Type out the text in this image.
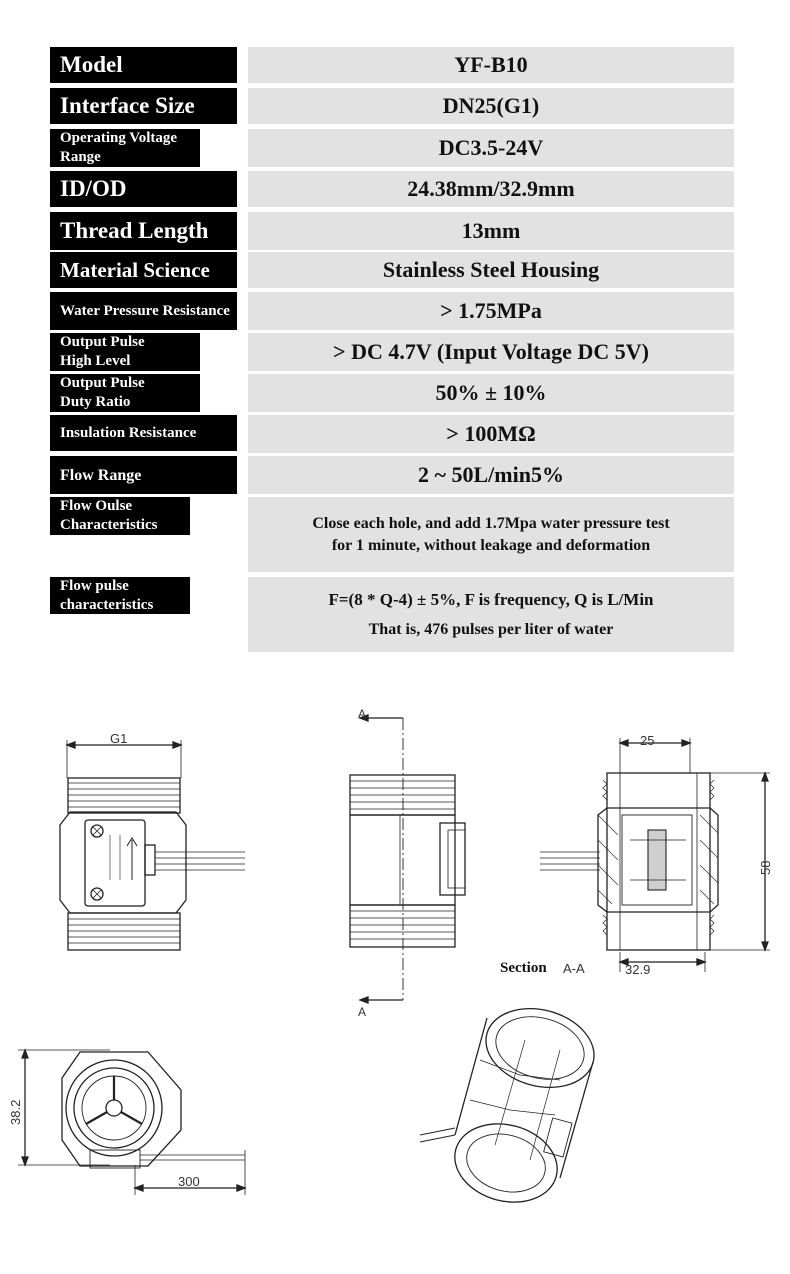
Model	YF-B10
Interface Size	DN25(G1)
Operating Voltage Range	DC3.5-24V
ID/OD	24.38mm/32.9mm
Thread Length	13mm
Material Science	Stainless Steel Housing
Water Pressure Resistance	> 1.75MPa
Output Pulse High Level	> DC 4.7V (Input Voltage DC 5V)
Output Pulse Duty Ratio	50% ± 10%
Insulation Resistance	> 100MΩ
Flow Range	2 ~ 50L/min5%
Flow Oulse Characteristics	Close each hole, and add 1.7Mpa water pressure test
for 1 minute, without leakage and deformation
Flow pulse characteristics	F=(8 * Q-4) ± 5%, F is frequency, Q is L/Min
That is, 476 pulses per liter of water
G1
A
A
25
58
32.9
Section A-A
38.2
300
